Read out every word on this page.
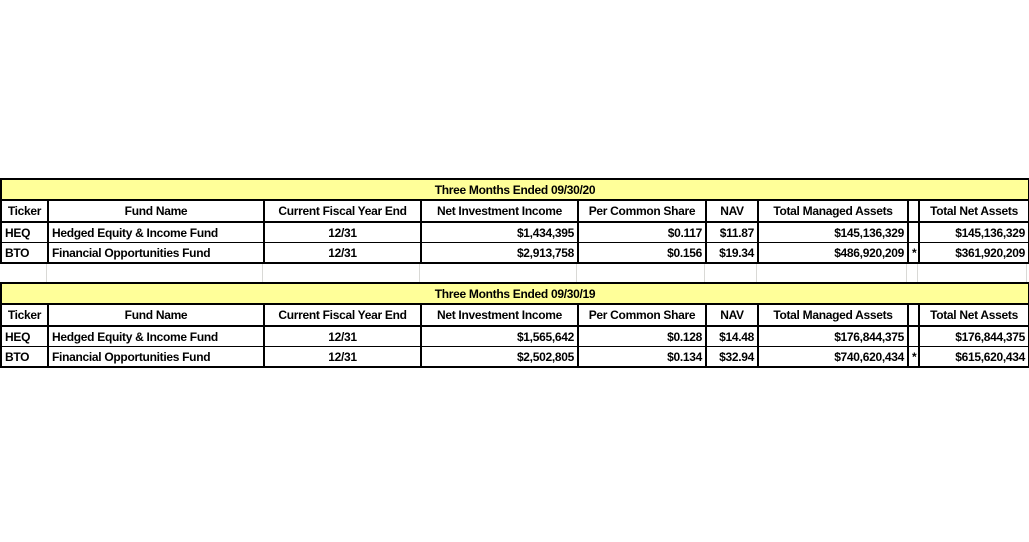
Three Months Ended 09/30/20								
Ticker	Fund Name	Current Fiscal Year End	Net Investment Income	Per Common Share	NAV	Total Managed Assets		Total Net Assets
HEQ	Hedged Equity & Income Fund	12/31	$1,434,395	$0.117	$11.87	$145,136,329		$145,136,329
BTO	Financial Opportunities Fund	12/31	$2,913,758	$0.156	$19.34	$486,920,209	*	$361,920,209
Three Months Ended 09/30/19								
Ticker	Fund Name	Current Fiscal Year End	Net Investment Income	Per Common Share	NAV	Total Managed Assets		Total Net Assets
HEQ	Hedged Equity & Income Fund	12/31	$1,565,642	$0.128	$14.48	$176,844,375		$176,844,375
BTO	Financial Opportunities Fund	12/31	$2,502,805	$0.134	$32.94	$740,620,434	*	$615,620,434
